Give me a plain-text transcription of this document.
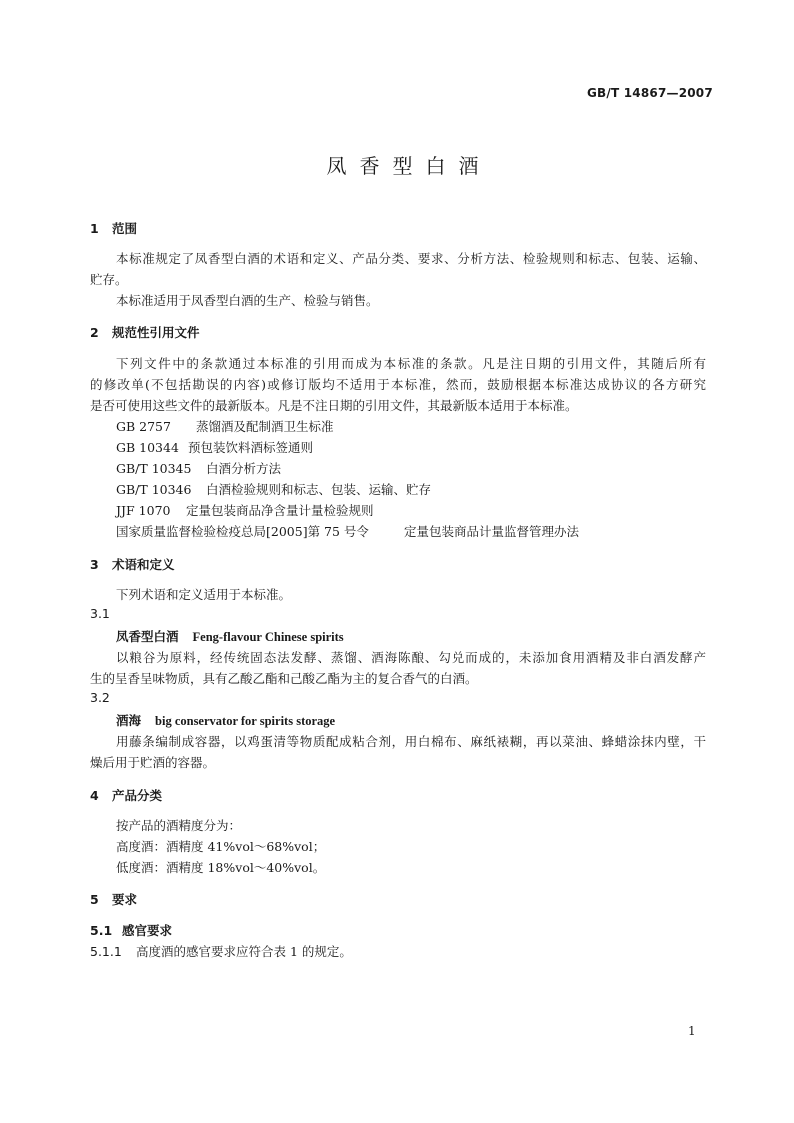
GB/T 14867—2007
凤香型白酒
1 范围
本标准规定了凤香型白酒的术语和定义、产品分类、要求、分析方法、检验规则和标志、包装、运输、
贮存。
本标准适用于凤香型白酒的生产、检验与销售。
2 规范性引用文件
下列文件中的条款通过本标准的引用而成为本标准的条款。凡是注日期的引用文件，其随后所有
的修改单(不包括勘误的内容)或修订版均不适用于本标准，然而，鼓励根据本标准达成协议的各方研究
是否可使用这些文件的最新版本。凡是不注日期的引用文件，其最新版本适用于本标准。
GB 2757 蒸馏酒及配制酒卫生标准
GB 10344 预包装饮料酒标签通则
GB/T 10345 白酒分析方法
GB/T 10346 白酒检验规则和标志、包装、运输、贮存
JJF 1070 定量包装商品净含量计量检验规则
国家质量监督检验检疫总局[2005]第 75 号令	定量包装商品计量监督管理办法
3 术语和定义
下列术语和定义适用于本标准。
3.1
凤香型白酒 Feng-flavour Chinese spirits
以粮谷为原料，经传统固态法发酵、蒸馏、酒海陈酿、勾兑而成的，未添加食用酒精及非白酒发酵产
生的呈香呈味物质，具有乙酸乙酯和己酸乙酯为主的复合香气的白酒。
3.2
酒海 big conservator for spirits storage
用藤条编制成容器，以鸡蛋清等物质配成粘合剂，用白棉布、麻纸裱糊，再以菜油、蜂蜡涂抹内壁，干
燥后用于贮酒的容器。
4 产品分类
按产品的酒精度分为：
高度酒：酒精度 41%vol～68%vol；
低度酒：酒精度 18%vol～40%vol。
5 要求
5.1 感官要求
5.1.1 高度酒的感官要求应符合表 1 的规定。
1
